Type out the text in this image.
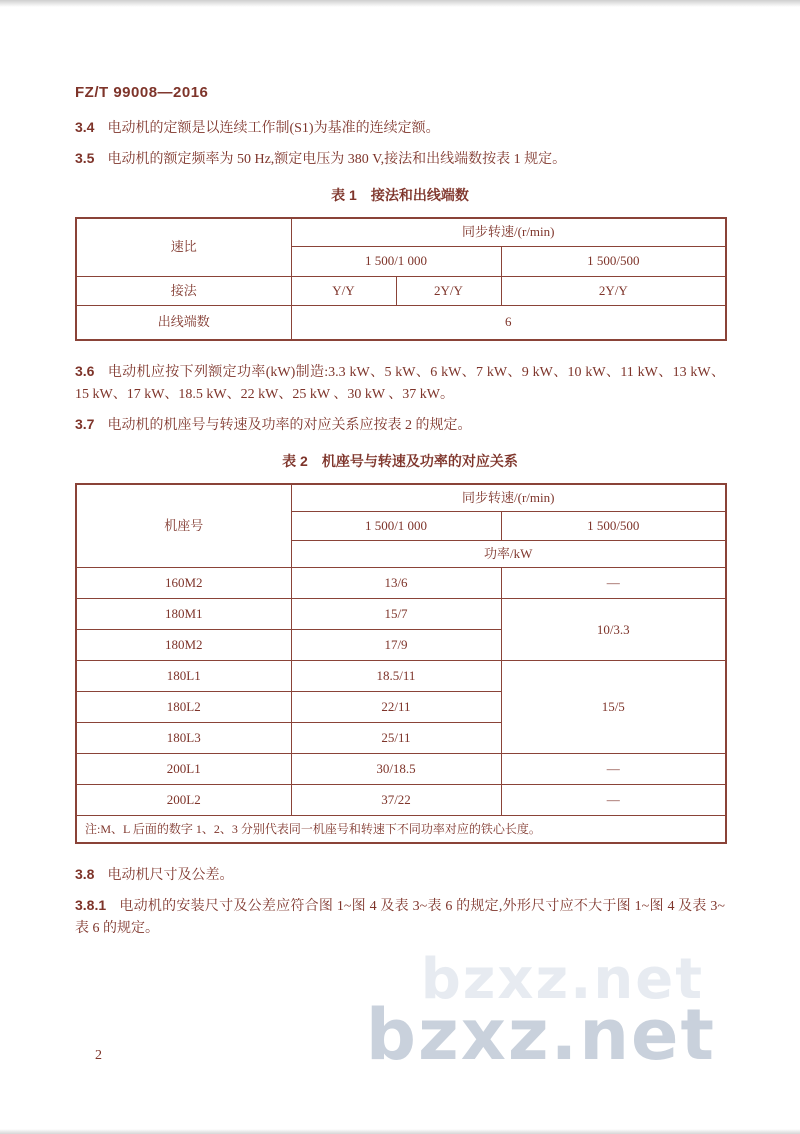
bzxz.net
bzxz.net
FZ/T 99008—2016

3.4 电动机的定额是以连续工作制(S1)为基准的连续定额。

3.5 电动机的额定频率为 50 Hz,额定电压为 380 V,接法和出线端数按表 1 规定。

表 1　接法和出线端数
速比	同步转速/(r/min)		
	1 500/1 000		1 500/500
接法	Y/Y	2Y/Y	2Y/Y
出线端数	6		

3.6 电动机应按下列额定功率(kW)制造:3.3 kW、5 kW、6 kW、7 kW、9 kW、10 kW、11 kW、13 kW、15 kW、17 kW、18.5 kW、22 kW、25 kW 、30 kW 、37 kW。

3.7 电动机的机座号与转速及功率的对应关系应按表 2 的规定。

表 2　机座号与转速及功率的对应关系
机座号	同步转速/(r/min)	
	1 500/1 000	1 500/500
	功率/kW	
160M2	13/6	—
180M1	15/7	10/3.3
180M2	17/9	
180L1	18.5/11	15/5
180L2	22/11	
180L3	25/11	
200L1	30/18.5	—
200L2	37/22	—
注:M、L 后面的数字 1、2、3 分别代表同一机座号和转速下不同功率对应的铁心长度。		

3.8 电动机尺寸及公差。

3.8.1 电动机的安装尺寸及公差应符合图 1~图 4 及表 3~表 6 的规定,外形尺寸应不大于图 1~图 4 及表 3~表 6 的规定。

2
